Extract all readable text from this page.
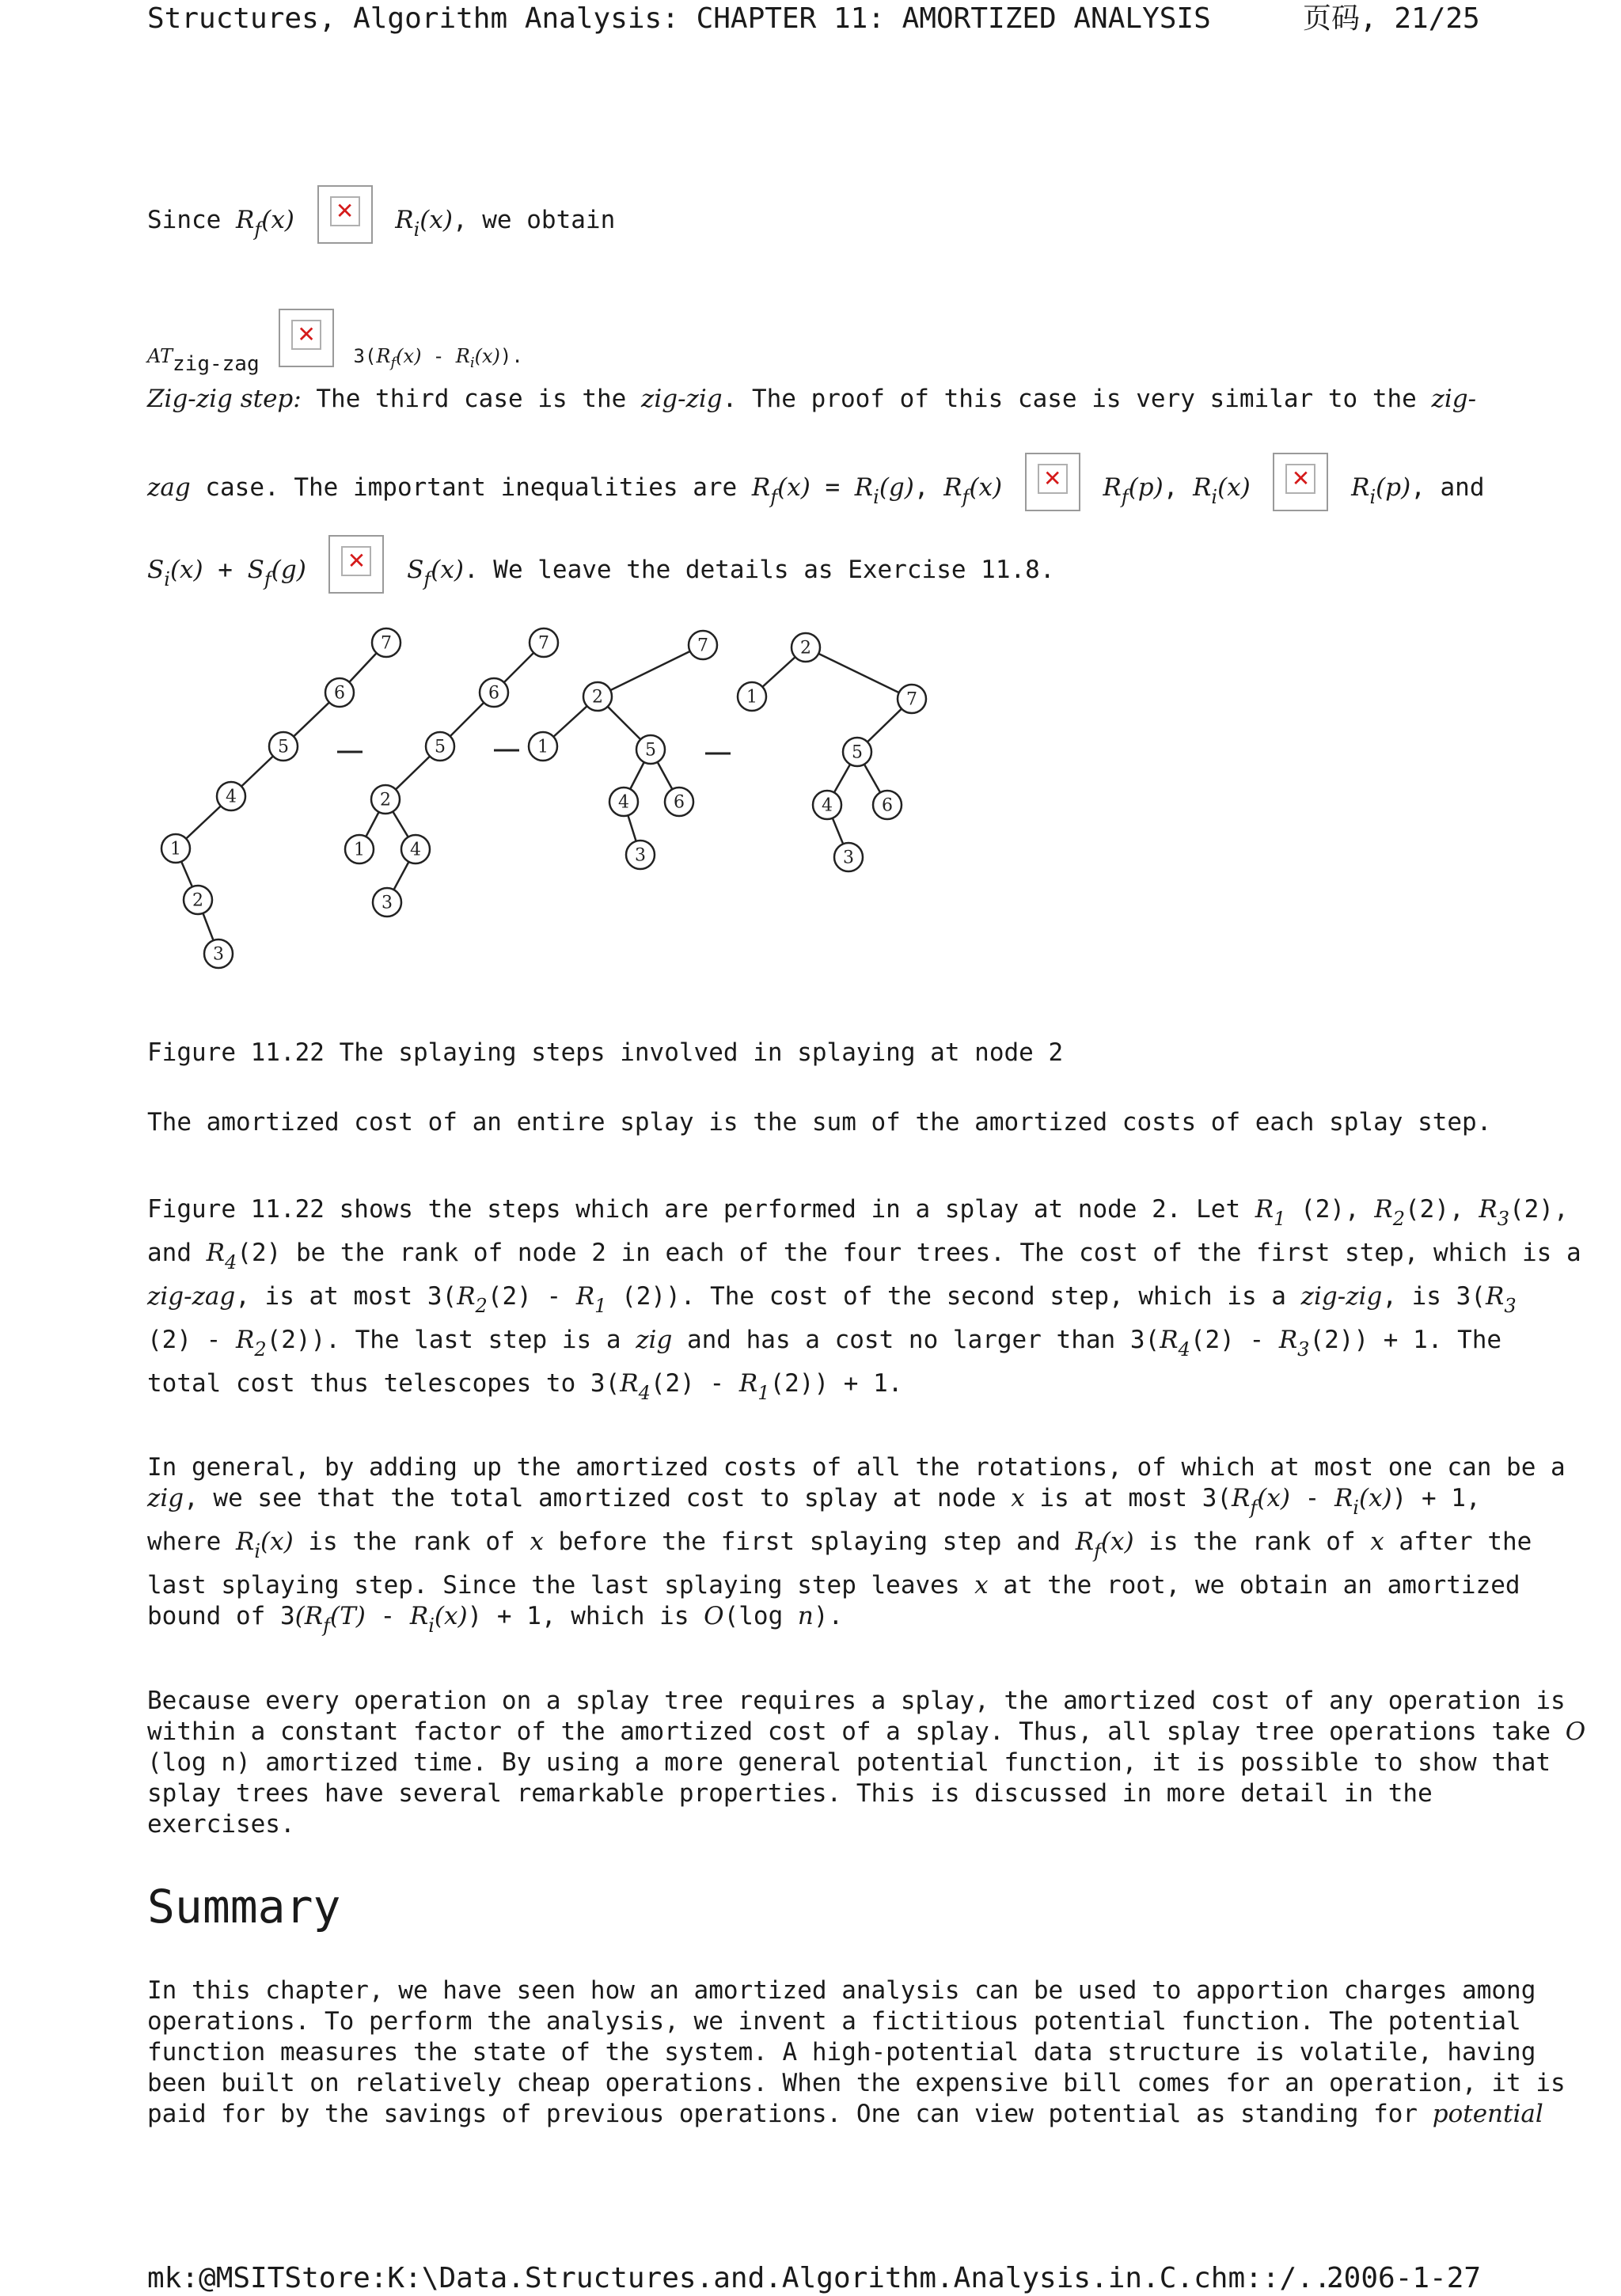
Structures, Algorithm Analysis: CHAPTER 11: AMORTIZED ANALYSIS	页码, 21/25
Since $R_f(x)$ ✕ $R_i(x)$, we obtain
ATzig-zag
✕
$3(R_f(x) - R_i(x))$.
Zig-zig step: The third case is the zig-zig. The proof of this case is very similar to the zig-
zag case. The important inequalities are $R_f(x) = R_i(g)$, $R_f(x)$ ✕ $R_f(p)$, $R_i(x)$ ✕ $R_i(p)$, and
$S_i(x) + S_f(g)$ ✕ $S_f(x)$. We leave the details as Exercise 11.8.
7
6
5
4
1
2
3
7
6
5
2
1	4
3
7
2
1	5
4	6
3
2
1	7
5
4	6
3
Figure 11.22 The splaying steps involved in splaying at node 2
The amortized cost of an entire splay is the sum of the amortized costs of each splay step.
Figure 11.22 shows the steps which are performed in a splay at node 2. Let $R_1$ (2), $R_2(2)$, $R_3(2)$,
and $R_4(2)$ be the rank of node 2 in each of the four trees. The cost of the first step, which is a
zig-zag, is at most $3(R_2(2) - R_1$ (2)). The cost of the second step, which is a zig-zig, is $3(R_3$
$(2) - R_2(2)$). The last step is a zig and has a cost no larger than $3(R_4(2) - R_3(2)) + 1$. The
total cost thus telescopes to $3(R_4(2) - R_1(2)) + 1$.
In general, by adding up the amortized costs of all the rotations, of which at most one can be a
zig, we see that the total amortized cost to splay at node x is at most $3(R_f(x) - R_i(x)) + 1$,
where $R_i(x)$ is the rank of x before the first splaying step and $R_f(x)$ is the rank of x after the
last splaying step. Since the last splaying step leaves x at the root, we obtain an amortized
bound of $3(R_f(T) - R_i(x)) + 1$, which is O(log n).
Because every operation on a splay tree requires a splay, the amortized cost of any operation is
within a constant factor of the amortized cost of a splay. Thus, all splay tree operations take O
(log n) amortized time. By using a more general potential function, it is possible to show that
splay trees have several remarkable properties. This is discussed in more detail in the
exercises.
Summary
In this chapter, we have seen how an amortized analysis can be used to apportion charges among
operations. To perform the analysis, we invent a fictitious potential function. The potential
function measures the state of the system. A high-potential data structure is volatile, having
been built on relatively cheap operations. When the expensive bill comes for an operation, it is
paid for by the savings of previous operations. One can view potential as standing for potential
mk:@MSITStore:K:\Data.Structures.and.Algorithm.Analysis.in.C.chm::/...
2006-1-27
